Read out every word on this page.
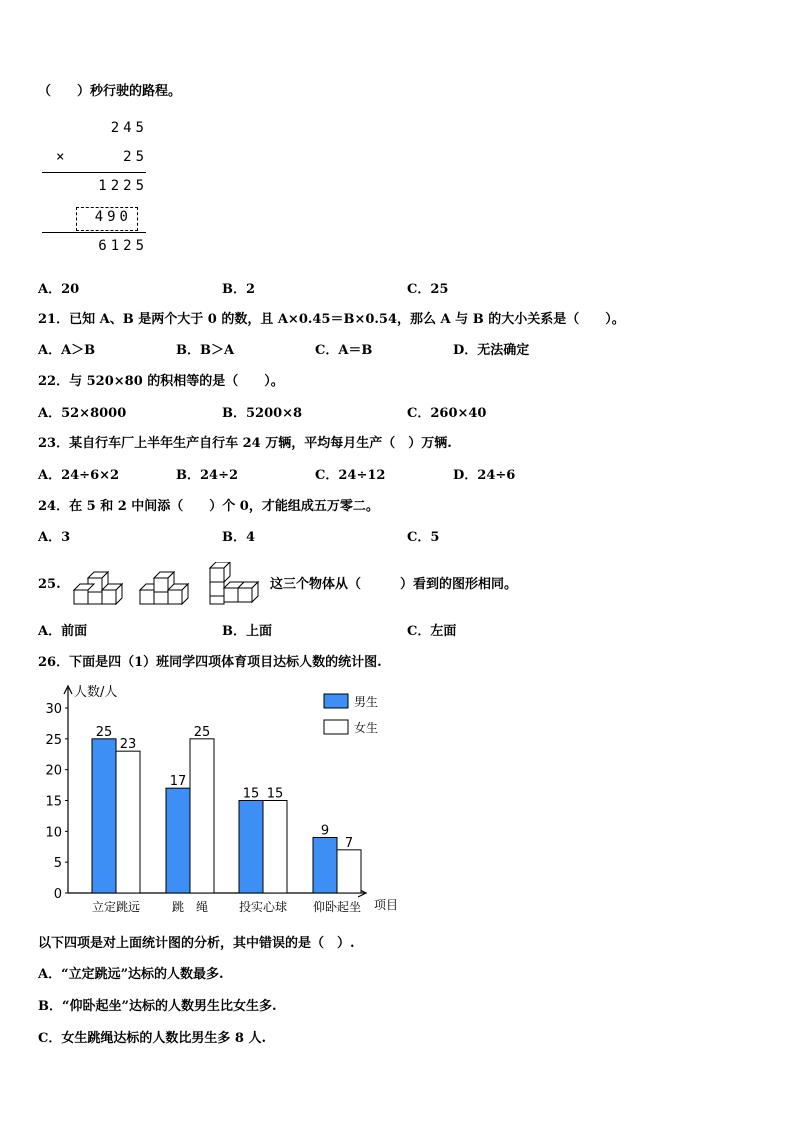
（　　）秒行驶的路程。
245
×	25
1225
490
6125
A．20	B．2	C．25
21．已知 A、B 是两个大于 0 的数，且 A×0.45＝B×0.54，那么 A 与 B 的大小关系是（　　）。
A．A＞B	B．B＞A	C．A＝B	D．无法确定
22．与 520×80 的积相等的是（　　）。
A．52×8000	B．5200×8	C．260×40
23．某自行车厂上半年生产自行车 24 万辆，平均每月生产（　）万辆.
A．24÷6×2	B．24÷2	C．24÷12	D．24÷6
24．在 5 和 2 中间添（　　）个 0，才能组成五万零二。
A．3	B．4	C．5
25.	这三个物体从（　　　）看到的图形相同。
A．前面	B．上面	C．左面
26．下面是四（1）班同学四项体育项目达标人数的统计图.
0
5
10
15
20
25
30
人数/人
项目
25
23
立定跳远
17
25
跳　绳
15 15
投实心球
9
7
仰卧起坐
男生
女生
以下四项是对上面统计图的分析，其中错误的是（　）.
A．“立定跳远”达标的人数最多.
B．“仰卧起坐”达标的人数男生比女生多.
C．女生跳绳达标的人数比男生多 8 人.
